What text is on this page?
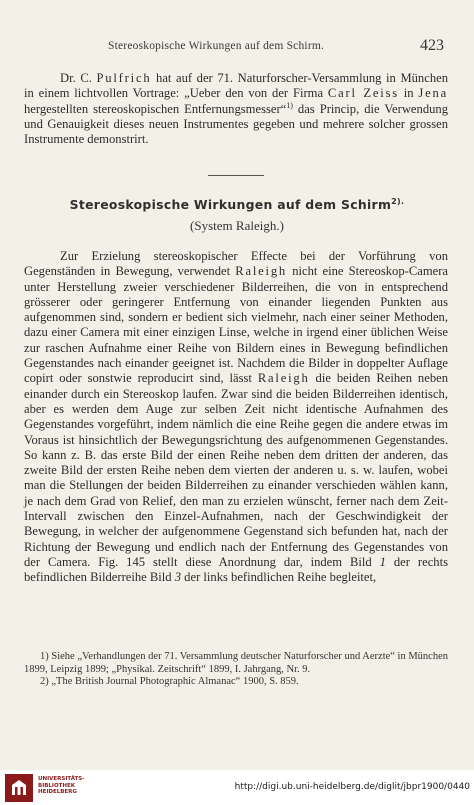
Stereoskopische Wirkungen auf dem Schirm.	423

Dr. C. Pulfrich hat auf der 71. Naturforscher-Versammlung in München in einem lichtvollen Vortrage: „Ueber den von der Firma Carl Zeiss in Jena hergestellten stereoskopischen Entfernungsmesser“$^{1)}$ das Princip, die Verwendung und Genauigkeit dieses neuen Instrumentes gegeben und mehrere solcher grossen Instrumente demonstrirt.

Stereoskopische Wirkungen auf dem Schirm$^{2).}$
(System Raleigh.)

Zur Erzielung stereoskopischer Effecte bei der Vorführung von Gegenständen in Bewegung, verwendet Raleigh nicht eine Stereoskop-Camera unter Herstellung zweier verschiedener Bilderreihen, die von in entsprechend grösserer oder geringerer Entfernung von einander liegenden Punkten aus aufgenommen sind, sondern er bedient sich vielmehr, nach einer seiner Methoden, dazu einer Camera mit einer einzigen Linse, welche in irgend einer üblichen Weise zur raschen Aufnahme einer Reihe von Bildern eines in Bewegung befindlichen Gegenstandes nach einander geeignet ist. Nachdem die Bilder in doppelter Auflage copirt oder sonstwie reproducirt sind, lässt Raleigh die beiden Reihen neben einander durch ein Stereoskop laufen. Zwar sind die beiden Bilderreihen identisch, aber es werden dem Auge zur selben Zeit nicht identische Aufnahmen des Gegenstandes vorgeführt, indem nämlich die eine Reihe gegen die andere etwas im Voraus ist hinsichtlich der Bewegungsrichtung des aufgenommenen Gegenstandes. So kann z. B. das erste Bild der einen Reihe neben dem dritten der anderen, das zweite Bild der ersten Reihe neben dem vierten der anderen u. s. w. laufen, wobei man die Stellungen der beiden Bilderreihen zu einander verschieden wählen kann, je nach dem Grad von Relief, den man zu erzielen wünscht, ferner nach dem Zeit-Intervall zwischen den Einzel-Aufnahmen, nach der Geschwindigkeit der Bewegung, in welcher der aufgenommene Gegenstand sich befunden hat, nach der Richtung der Bewegung und endlich nach der Entfernung des Gegenstandes von der Camera. Fig. 145 stellt diese Anordnung dar, indem Bild 1 der rechts befindlichen Bilderreihe Bild 3 der links befindlichen Reihe begleitet,

1) Siehe „Verhandlungen der 71. Versammlung deutscher Naturforscher und Aerzte“ in München 1899, Leipzig 1899; „Physikal. Zeitschrift“ 1899, I. Jahrgang, Nr. 9.

2) „The British Journal Photographic Almanac“ 1900, S. 859.

UNIVERSITÄTS-
BIBLIOTHEK
HEIDELBERG	http://digi.ub.uni-heidelberg.de/diglit/jbpr1900/0440
